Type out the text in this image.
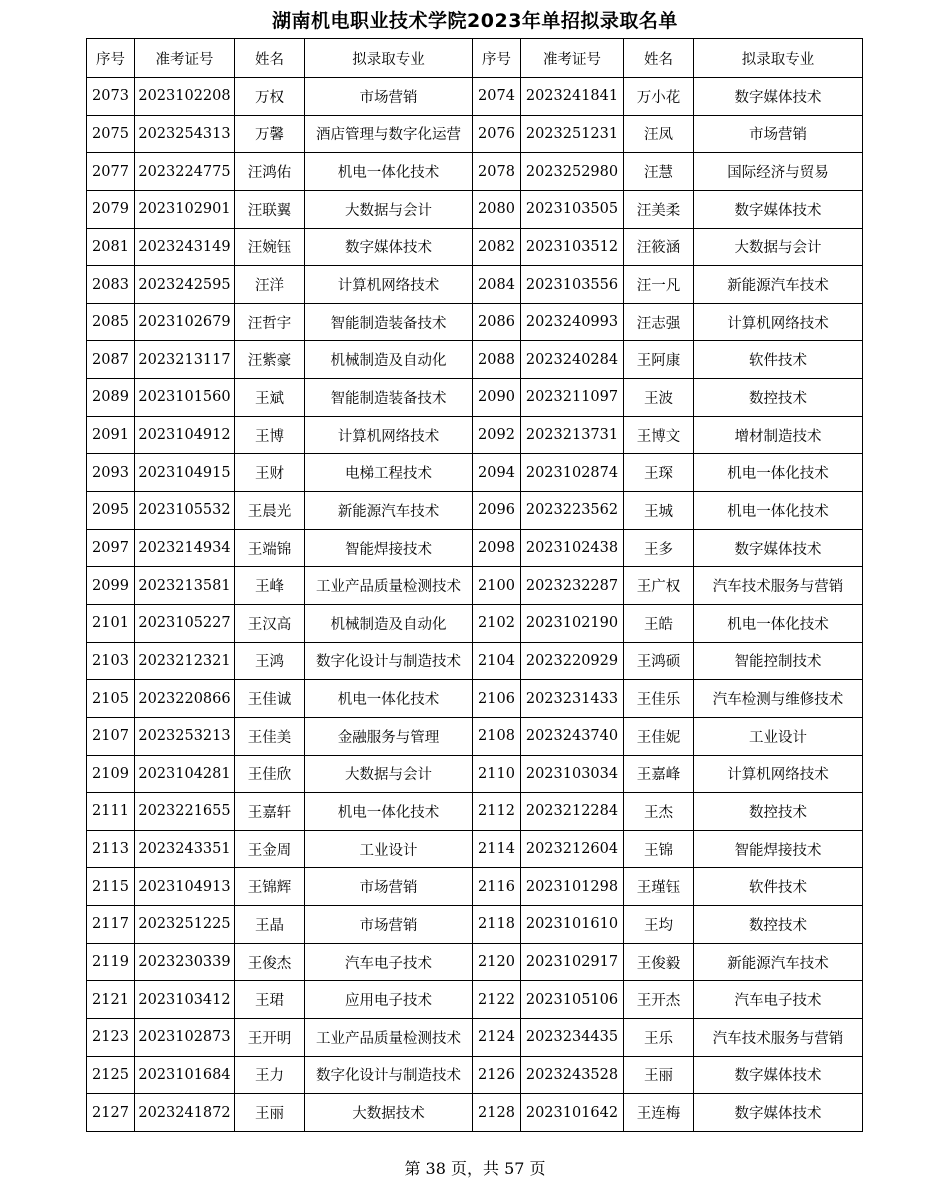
湖南机电职业技术学院2023年单招拟录取名单
序号	准考证号	姓名	拟录取专业	序号	准考证号	姓名	拟录取专业
2073	2023102208	万权	市场营销	2074	2023241841	万小花	数字媒体技术
2075	2023254313	万馨	酒店管理与数字化运营	2076	2023251231	汪凤	市场营销
2077	2023224775	汪鸿佑	机电一体化技术	2078	2023252980	汪慧	国际经济与贸易
2079	2023102901	汪联翼	大数据与会计	2080	2023103505	汪美柔	数字媒体技术
2081	2023243149	汪婉钰	数字媒体技术	2082	2023103512	汪筱涵	大数据与会计
2083	2023242595	汪洋	计算机网络技术	2084	2023103556	汪一凡	新能源汽车技术
2085	2023102679	汪哲宇	智能制造装备技术	2086	2023240993	汪志强	计算机网络技术
2087	2023213117	汪紫豪	机械制造及自动化	2088	2023240284	王阿康	软件技术
2089	2023101560	王斌	智能制造装备技术	2090	2023211097	王波	数控技术
2091	2023104912	王博	计算机网络技术	2092	2023213731	王博文	增材制造技术
2093	2023104915	王财	电梯工程技术	2094	2023102874	王琛	机电一体化技术
2095	2023105532	王晨光	新能源汽车技术	2096	2023223562	王城	机电一体化技术
2097	2023214934	王端锦	智能焊接技术	2098	2023102438	王多	数字媒体技术
2099	2023213581	王峰	工业产品质量检测技术	2100	2023232287	王广权	汽车技术服务与营销
2101	2023105227	王汉高	机械制造及自动化	2102	2023102190	王皓	机电一体化技术
2103	2023212321	王鸿	数字化设计与制造技术	2104	2023220929	王鸿硕	智能控制技术
2105	2023220866	王佳诚	机电一体化技术	2106	2023231433	王佳乐	汽车检测与维修技术
2107	2023253213	王佳美	金融服务与管理	2108	2023243740	王佳妮	工业设计
2109	2023104281	王佳欣	大数据与会计	2110	2023103034	王嘉峰	计算机网络技术
2111	2023221655	王嘉轩	机电一体化技术	2112	2023212284	王杰	数控技术
2113	2023243351	王金周	工业设计	2114	2023212604	王锦	智能焊接技术
2115	2023104913	王锦辉	市场营销	2116	2023101298	王瑾钰	软件技术
2117	2023251225	王晶	市场营销	2118	2023101610	王均	数控技术
2119	2023230339	王俊杰	汽车电子技术	2120	2023102917	王俊毅	新能源汽车技术
2121	2023103412	王珺	应用电子技术	2122	2023105106	王开杰	汽车电子技术
2123	2023102873	王开明	工业产品质量检测技术	2124	2023234435	王乐	汽车技术服务与营销
2125	2023101684	王力	数字化设计与制造技术	2126	2023243528	王丽	数字媒体技术
2127	2023241872	王丽	大数据技术	2128	2023101642	王连梅	数字媒体技术
第 38 页，共 57 页
